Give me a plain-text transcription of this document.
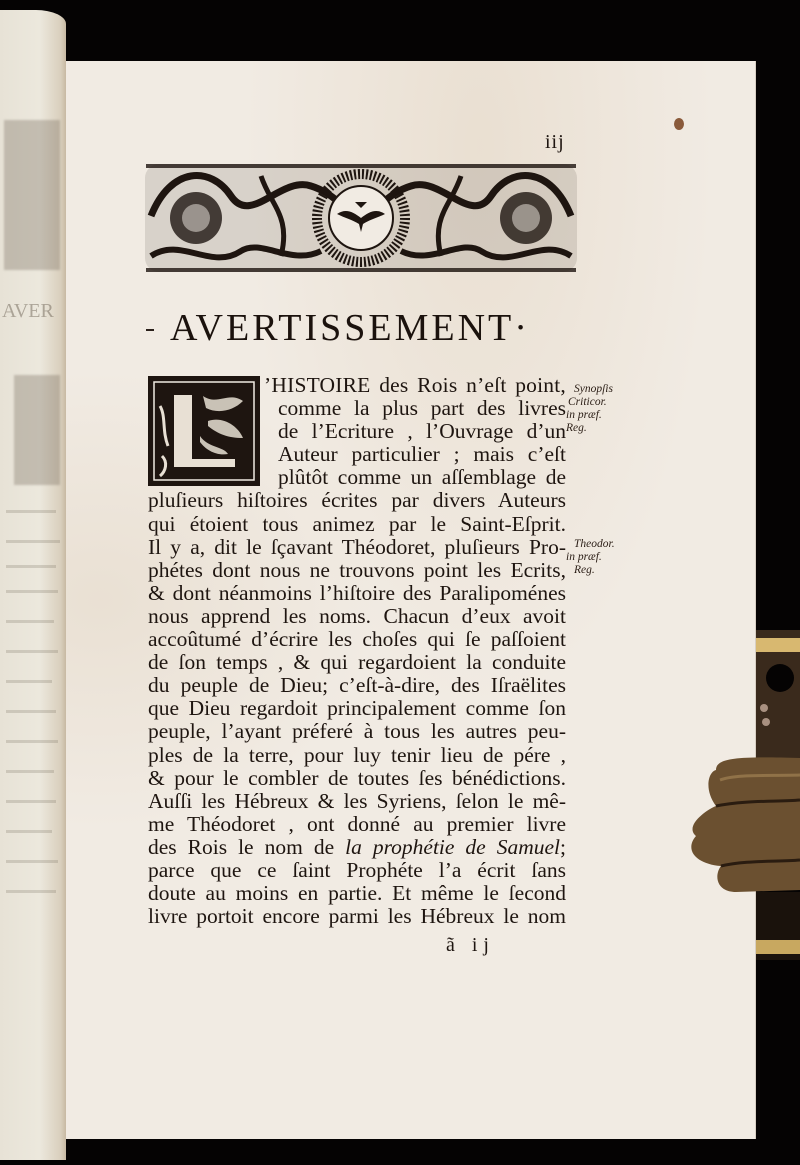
AVER
iij
AVERTISSEMENT·
’HISTOIRE des Rois n’eſt point,
comme la plus part des livres
de l’Ecriture , l’Ouvrage d’un
Auteur particulier ; mais c’eſt
plûtôt comme un aſſemblage de
pluſieurs hiſtoires écrites par divers Auteurs
qui étoient tous animez par le Saint-Eſprit.
Il y a, dit le ſçavant Théodoret, pluſieurs Pro-
phétes dont nous ne trouvons point les Ecrits,
& dont néanmoins l’hiſtoire des Paralipoménes
nous apprend les noms. Chacun d’eux avoit
accoûtumé d’écrire les choſes qui ſe paſſoient
de ſon temps , & qui regardoient la conduite
du peuple de Dieu; c’eſt-à-dire, des Iſraëlites
que Dieu regardoit principalement comme ſon
peuple, l’ayant préferé à tous les autres peu-
ples de la terre, pour luy tenir lieu de pére ,
& pour le combler de toutes ſes bénédictions.
Auſſi les Hébreux & les Syriens, ſelon le mê-
me Théodoret , ont donné au premier livre
des Rois le nom de la prophétie de Samuel;
parce que ce ſaint Prophéte l’a écrit ſans
doute au moins en partie. Et même le ſecond
livre portoit encore parmi les Hébreux le nom
ã ij
Synopſis
Criticor.
in præf.
Reg.
Theodor.
in præf.
Reg.
